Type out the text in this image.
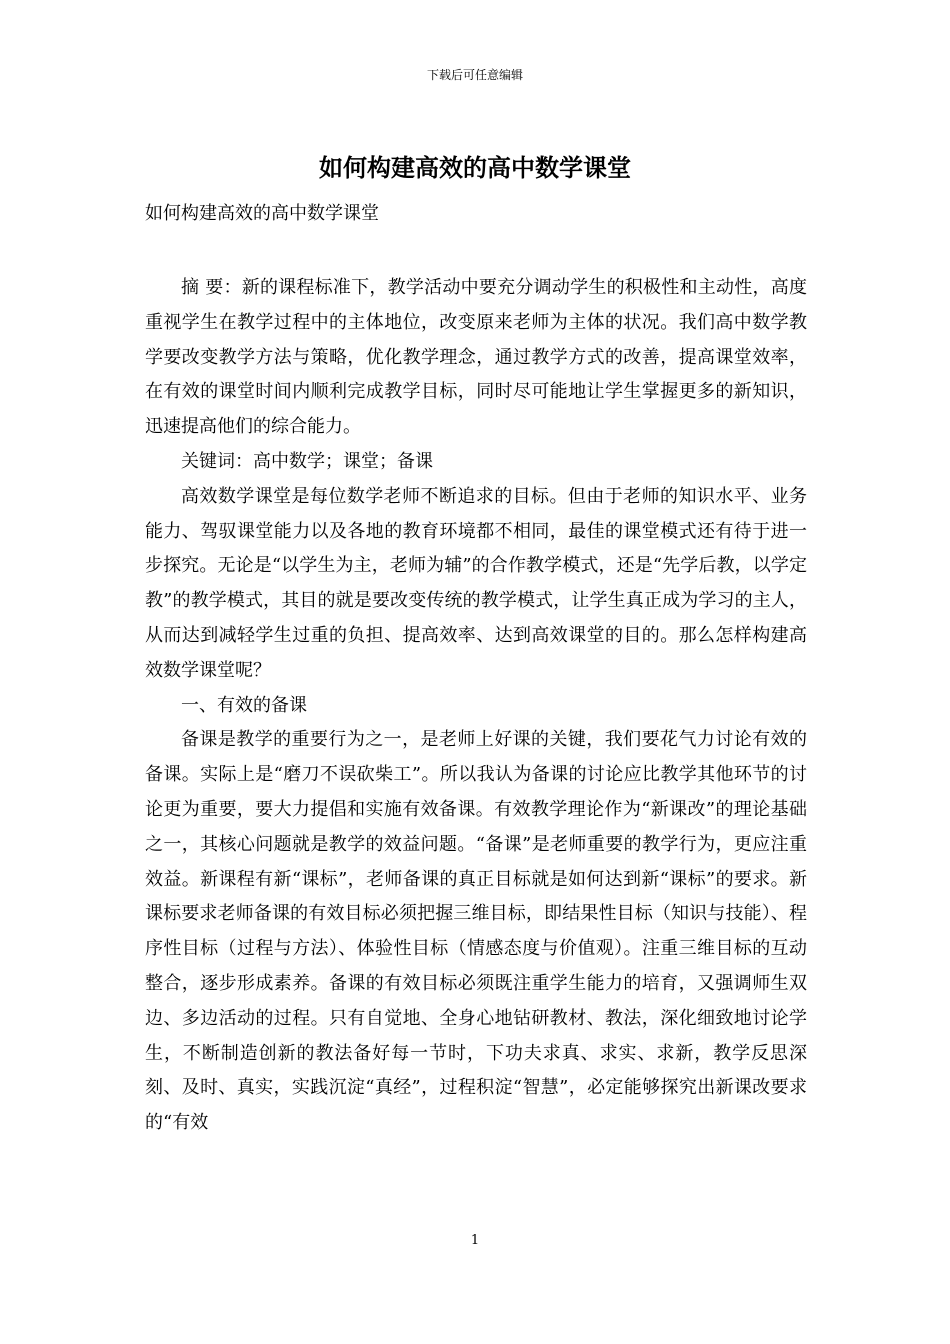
下载后可任意编辑
如何构建高效的高中数学课堂
如何构建高效的高中数学课堂

摘 要：新的课程标准下，教学活动中要充分调动学生的积极性和主动性，高度重视学生在教学过程中的主体地位，改变原来老师为主体的状况。我们高中数学教学要改变教学方法与策略，优化教学理念，通过教学方式的改善，提高课堂效率，在有效的课堂时间内顺利完成教学目标，同时尽可能地让学生掌握更多的新知识，迅速提高他们的综合能力。

关键词：高中数学；课堂；备课

高效数学课堂是每位数学老师不断追求的目标。但由于老师的知识水平、业务能力、驾驭课堂能力以及各地的教育环境都不相同，最佳的课堂模式还有待于进一步探究。无论是“以学生为主，老师为辅”的合作教学模式，还是“先学后教，以学定教”的教学模式，其目的就是要改变传统的教学模式，让学生真正成为学习的主人，从而达到减轻学生过重的负担、提高效率、达到高效课堂的目的。那么怎样构建高效数学课堂呢？

一、有效的备课

备课是教学的重要行为之一，是老师上好课的关键，我们要花气力讨论有效的备课。实际上是“磨刀不误砍柴工”。所以我认为备课的讨论应比教学其他环节的讨论更为重要，要大力提倡和实施有效备课。有效教学理论作为“新课改”的理论基础之一，其核心问题就是教学的效益问题。“备课”是老师重要的教学行为，更应注重效益。新课程有新“课标”，老师备课的真正目标就是如何达到新“课标”的要求。新课标要求老师备课的有效目标必须把握三维目标，即结果性目标（知识与技能）、程序性目标（过程与方法）、体验性目标（情感态度与价值观）。注重三维目标的互动整合，逐步形成素养。备课的有效目标必须既注重学生能力的培育，又强调师生双边、多边活动的过程。只有自觉地、全身心地钻研教材、教法，深化细致地讨论学生，不断制造创新的教法备好每一节时，下功夫求真、求实、求新，教学反思深刻、及时、真实，实践沉淀“真经”，过程积淀“智慧”，必定能够探究出新课改要求的“有效

1
